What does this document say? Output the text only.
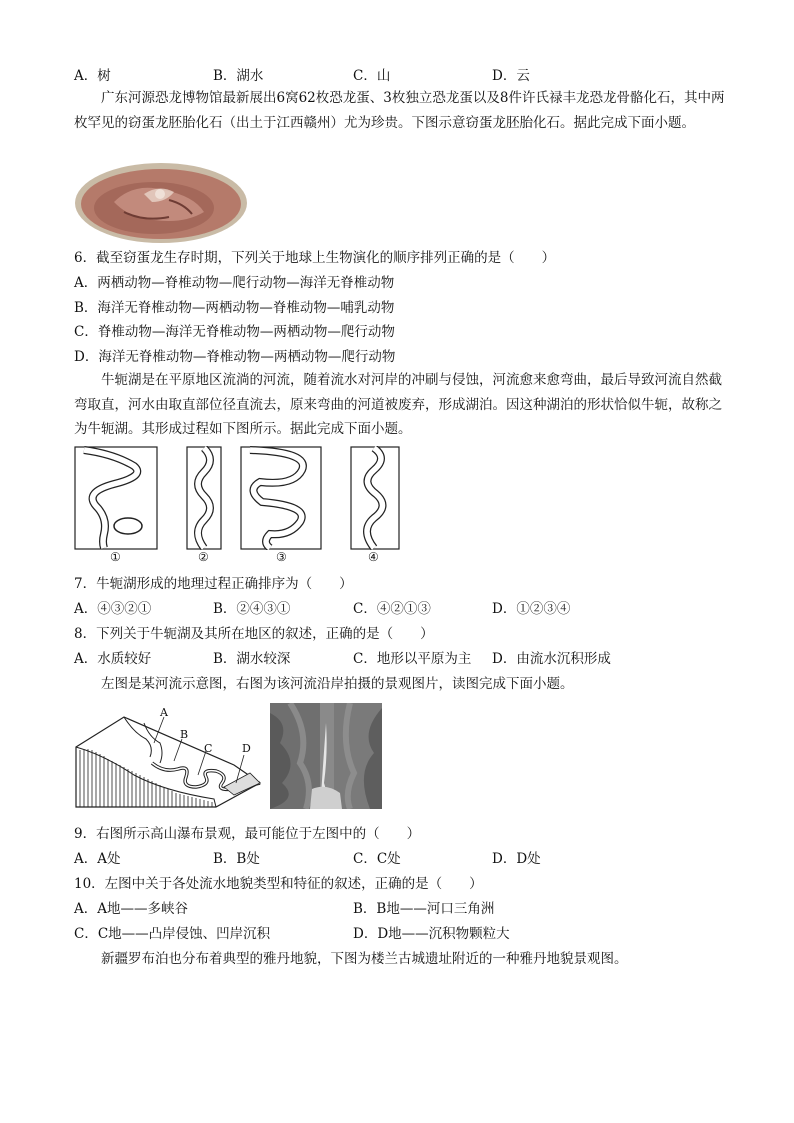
A．树	B．湖水	C．山	D．云
广东河源恐龙博物馆最新展出6窝62枚恐龙蛋、3枚独立恐龙蛋以及8件许氏禄丰龙恐龙骨骼化石，其中两枚罕见的窃蛋龙胚胎化石（出土于江西赣州）尤为珍贵。下图示意窃蛋龙胚胎化石。据此完成下面小题。
6．截至窃蛋龙生存时期，下列关于地球上生物演化的顺序排列正确的是（　　）
A．两栖动物—脊椎动物—爬行动物—海洋无脊椎动物
B．海洋无脊椎动物—两栖动物—脊椎动物—哺乳动物
C．脊椎动物—海洋无脊椎动物—两栖动物—爬行动物
D．海洋无脊椎动物—脊椎动物—两栖动物—爬行动物
牛轭湖是在平原地区流淌的河流，随着流水对河岸的冲刷与侵蚀，河流愈来愈弯曲，最后导致河流自然截弯取直，河水由取直部位径直流去，原来弯曲的河道被废弃，形成湖泊。因这种湖泊的形状恰似牛轭，故称之为牛轭湖。其形成过程如下图所示。据此完成下面小题。
①	②	③	④
7．牛轭湖形成的地理过程正确排序为（　　）
A．④③②①	B．②④③①	C．④②①③	D．①②③④
8．下列关于牛轭湖及其所在地区的叙述，正确的是（　　）
A．水质较好	B．湖水较深	C．地形以平原为主 D．由流水沉积形成
左图是某河流示意图，右图为该河流沿岸拍摄的景观图片，读图完成下面小题。
A
B
C	D
9．右图所示高山瀑布景观，最可能位于左图中的（　　）
A．A处	B．B处	C．C处	D．D处
10．左图中关于各处流水地貌类型和特征的叙述，正确的是（　　）
A．A地——多峡谷	B．B地——河口三角洲
C．C地——凸岸侵蚀、凹岸沉积	D．D地——沉积物颗粒大
新疆罗布泊也分布着典型的雅丹地貌，下图为楼兰古城遗址附近的一种雅丹地貌景观图。
